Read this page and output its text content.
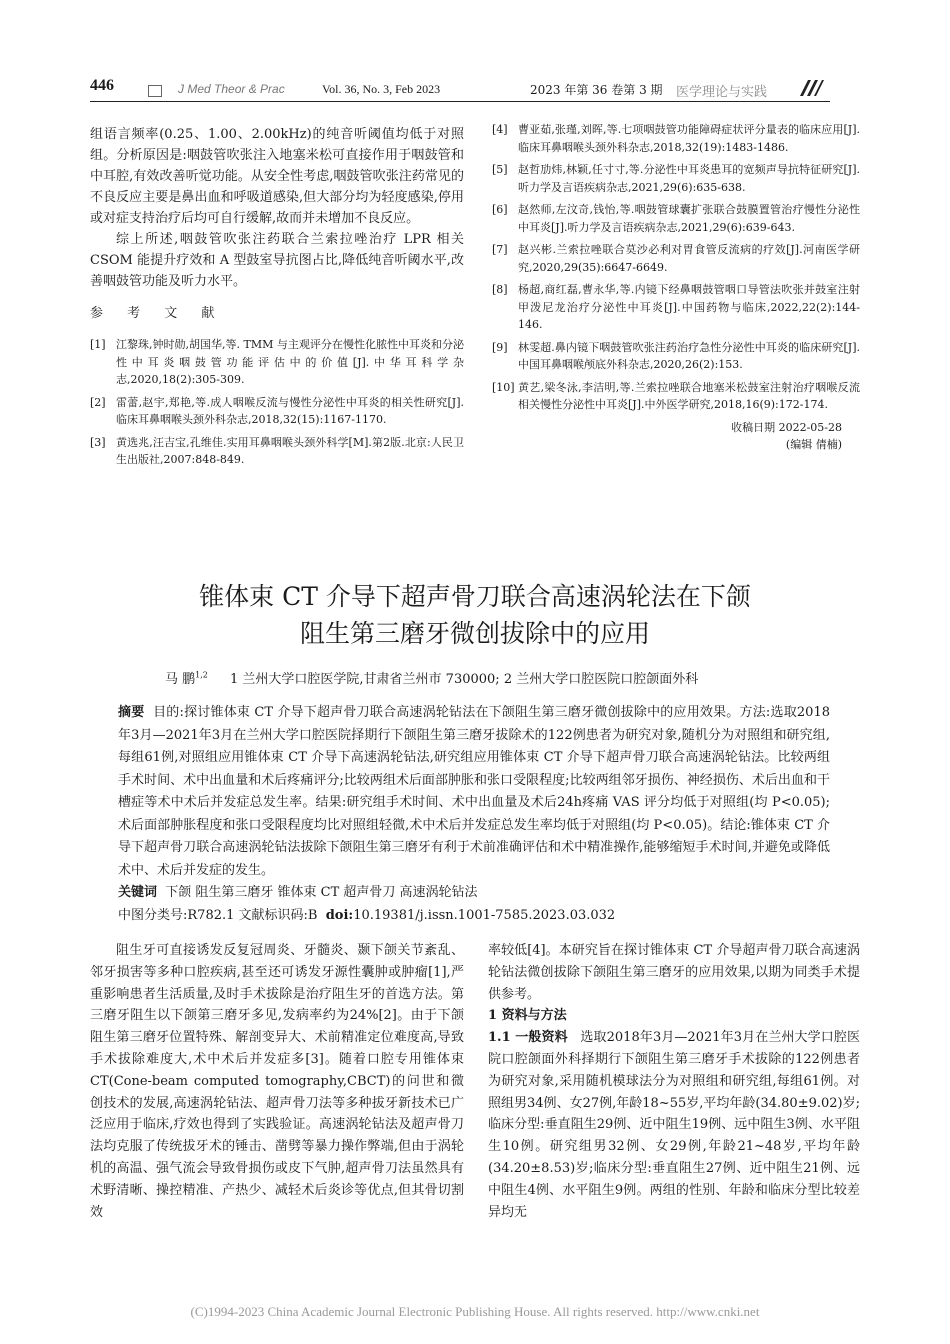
446	J Med Theor & Prac	Vol. 36, No. 3, Feb 2023	2023 年第 36 卷第 3 期 医学理论与实践

组语言频率(0.25、1.00、2.00kHz)的纯音听阈值均低于对照组。分析原因是:咽鼓管吹张注入地塞米松可直接作用于咽鼓管和中耳腔,有效改善听觉功能。从安全性考虑,咽鼓管吹张注药常见的不良反应主要是鼻出血和呼吸道感染,但大部分均为轻度感染,停用或对症支持治疗后均可自行缓解,故而并未增加不良反应。

综上所述,咽鼓管吹张注药联合兰索拉唑治疗 LPR 相关 CSOM 能提升疗效和 A 型鼓室导抗图占比,降低纯音听阈水平,改善咽鼓管功能及听力水平。

参 考 文 献

[1] 江黎珠,钟时勋,胡国华,等. TMM 与主观评分在慢性化脓性中耳炎和分泌性中耳炎咽鼓管功能评估中的价值[J].中华耳科学杂志,2020,18(2):305-309.
[2] 雷蕾,赵宇,郑艳,等.成人咽喉反流与慢性分泌性中耳炎的相关性研究[J].临床耳鼻咽喉头颈外科杂志,2018,32(15):1167-1170.
[3] 黄选兆,汪吉宝,孔维佳.实用耳鼻咽喉头颈外科学[M].第2版.北京:人民卫生出版社,2007:848-849.
[4] 曹亚茹,张瑾,刘晖,等.七项咽鼓管功能障碍症状评分量表的临床应用[J].临床耳鼻咽喉头颈外科杂志,2018,32(19):1483-1486.
[5] 赵哲劢炜,林颖,任寸寸,等.分泌性中耳炎患耳的宽频声导抗特征研究[J].听力学及言语疾病杂志,2021,29(6):635-638.
[6] 赵然师,左汶奇,钱怡,等.咽鼓管球囊扩张联合鼓膜置管治疗慢性分泌性中耳炎[J].听力学及言语疾病杂志,2021,29(6):639-643.
[7] 赵兴彬.兰索拉唑联合莫沙必利对胃食管反流病的疗效[J].河南医学研究,2020,29(35):6647-6649.
[8] 杨超,商红磊,曹永华,等.内镜下经鼻咽鼓管咽口导管法吹张并鼓室注射甲泼尼龙治疗分泌性中耳炎[J].中国药物与临床,2022,22(2):144-146.
[9] 林雯超.鼻内镜下咽鼓管吹张注药治疗急性分泌性中耳炎的临床研究[J].中国耳鼻咽喉颅底外科杂志,2020,26(2):153.
[10] 黄艺,梁冬泳,李洁明,等.兰索拉唑联合地塞米松鼓室注射治疗咽喉反流相关慢性分泌性中耳炎[J].中外医学研究,2018,16(9):172-174.
收稿日期 2022-05-28
(编辑 倩楠)
锥体束 CT 介导下超声骨刀联合高速涡轮法在下颌
阻生第三磨牙微创拔除中的应用
马 鹏$^{1,2}$ 1 兰州大学口腔医学院,甘肃省兰州市 730000; 2 兰州大学口腔医院口腔颌面外科

摘要 目的:探讨锥体束 CT 介导下超声骨刀联合高速涡轮钻法在下颌阻生第三磨牙微创拔除中的应用效果。方法:选取2018年3月—2021年3月在兰州大学口腔医院择期行下颌阻生第三磨牙拔除术的122例患者为研究对象,随机分为对照组和研究组,每组61例,对照组应用锥体束 CT 介导下高速涡轮钻法,研究组应用锥体束 CT 介导下超声骨刀联合高速涡轮钻法。比较两组手术时间、术中出血量和术后疼痛评分;比较两组术后面部肿胀和张口受限程度;比较两组邻牙损伤、神经损伤、术后出血和干槽症等术中术后并发症总发生率。结果:研究组手术时间、术中出血量及术后24h疼痛 VAS 评分均低于对照组(均 P<0.05);术后面部肿胀程度和张口受限程度均比对照组轻微,术中术后并发症总发生率均低于对照组(均 P<0.05)。结论:锥体束 CT 介导下超声骨刀联合高速涡轮钻法拔除下颌阻生第三磨牙有利于术前准确评估和术中精准操作,能够缩短手术时间,并避免或降低术中、术后并发症的发生。

关键词 下颌 阻生第三磨牙 锥体束 CT 超声骨刀 高速涡轮钻法

中图分类号:R782.1 文献标识码:B doi:10.19381/j.issn.1001-7585.2023.03.032

阻生牙可直接诱发反复冠周炎、牙髓炎、颞下颌关节紊乱、邻牙损害等多种口腔疾病,甚至还可诱发牙源性囊肿或肿瘤[1],严重影响患者生活质量,及时手术拔除是治疗阻生牙的首选方法。第三磨牙阻生以下颌第三磨牙多见,发病率约为24%[2]。由于下颌阻生第三磨牙位置特殊、解剖变异大、术前精准定位难度高,导致手术拔除难度大,术中术后并发症多[3]。随着口腔专用锥体束 CT(Cone-beam computed tomography,CBCT)的问世和微创技术的发展,高速涡轮钻法、超声骨刀法等多种拔牙新技术已广泛应用于临床,疗效也得到了实践验证。高速涡轮钻法及超声骨刀法均克服了传统拔牙术的锤击、凿劈等暴力操作弊端,但由于涡轮机的高温、强气流会导致骨损伤或皮下气肿,超声骨刀法虽然具有术野清晰、操控精准、产热少、减轻术后炎诊等优点,但其骨切割效

率较低[4]。本研究旨在探讨锥体束 CT 介导超声骨刀联合高速涡轮钻法微创拔除下颌阻生第三磨牙的应用效果,以期为同类手术提供参考。

1 资料与方法

1.1 一般资料 选取2018年3月—2021年3月在兰州大学口腔医院口腔颌面外科择期行下颌阻生第三磨牙手术拔除的122例患者为研究对象,采用随机模球法分为对照组和研究组,每组61例。对照组男34例、女27例,年龄18~55岁,平均年龄(34.80±9.02)岁;临床分型:垂直阻生29例、近中阻生19例、远中阻生3例、水平阻生10例。研究组男32例、女29例,年龄21~48岁,平均年龄(34.20±8.53)岁;临床分型:垂直阻生27例、近中阻生21例、远中阻生4例、水平阻生9例。两组的性别、年龄和临床分型比较差异均无

(C)1994-2023 China Academic Journal Electronic Publishing House. All rights reserved. http://www.cnki.net
